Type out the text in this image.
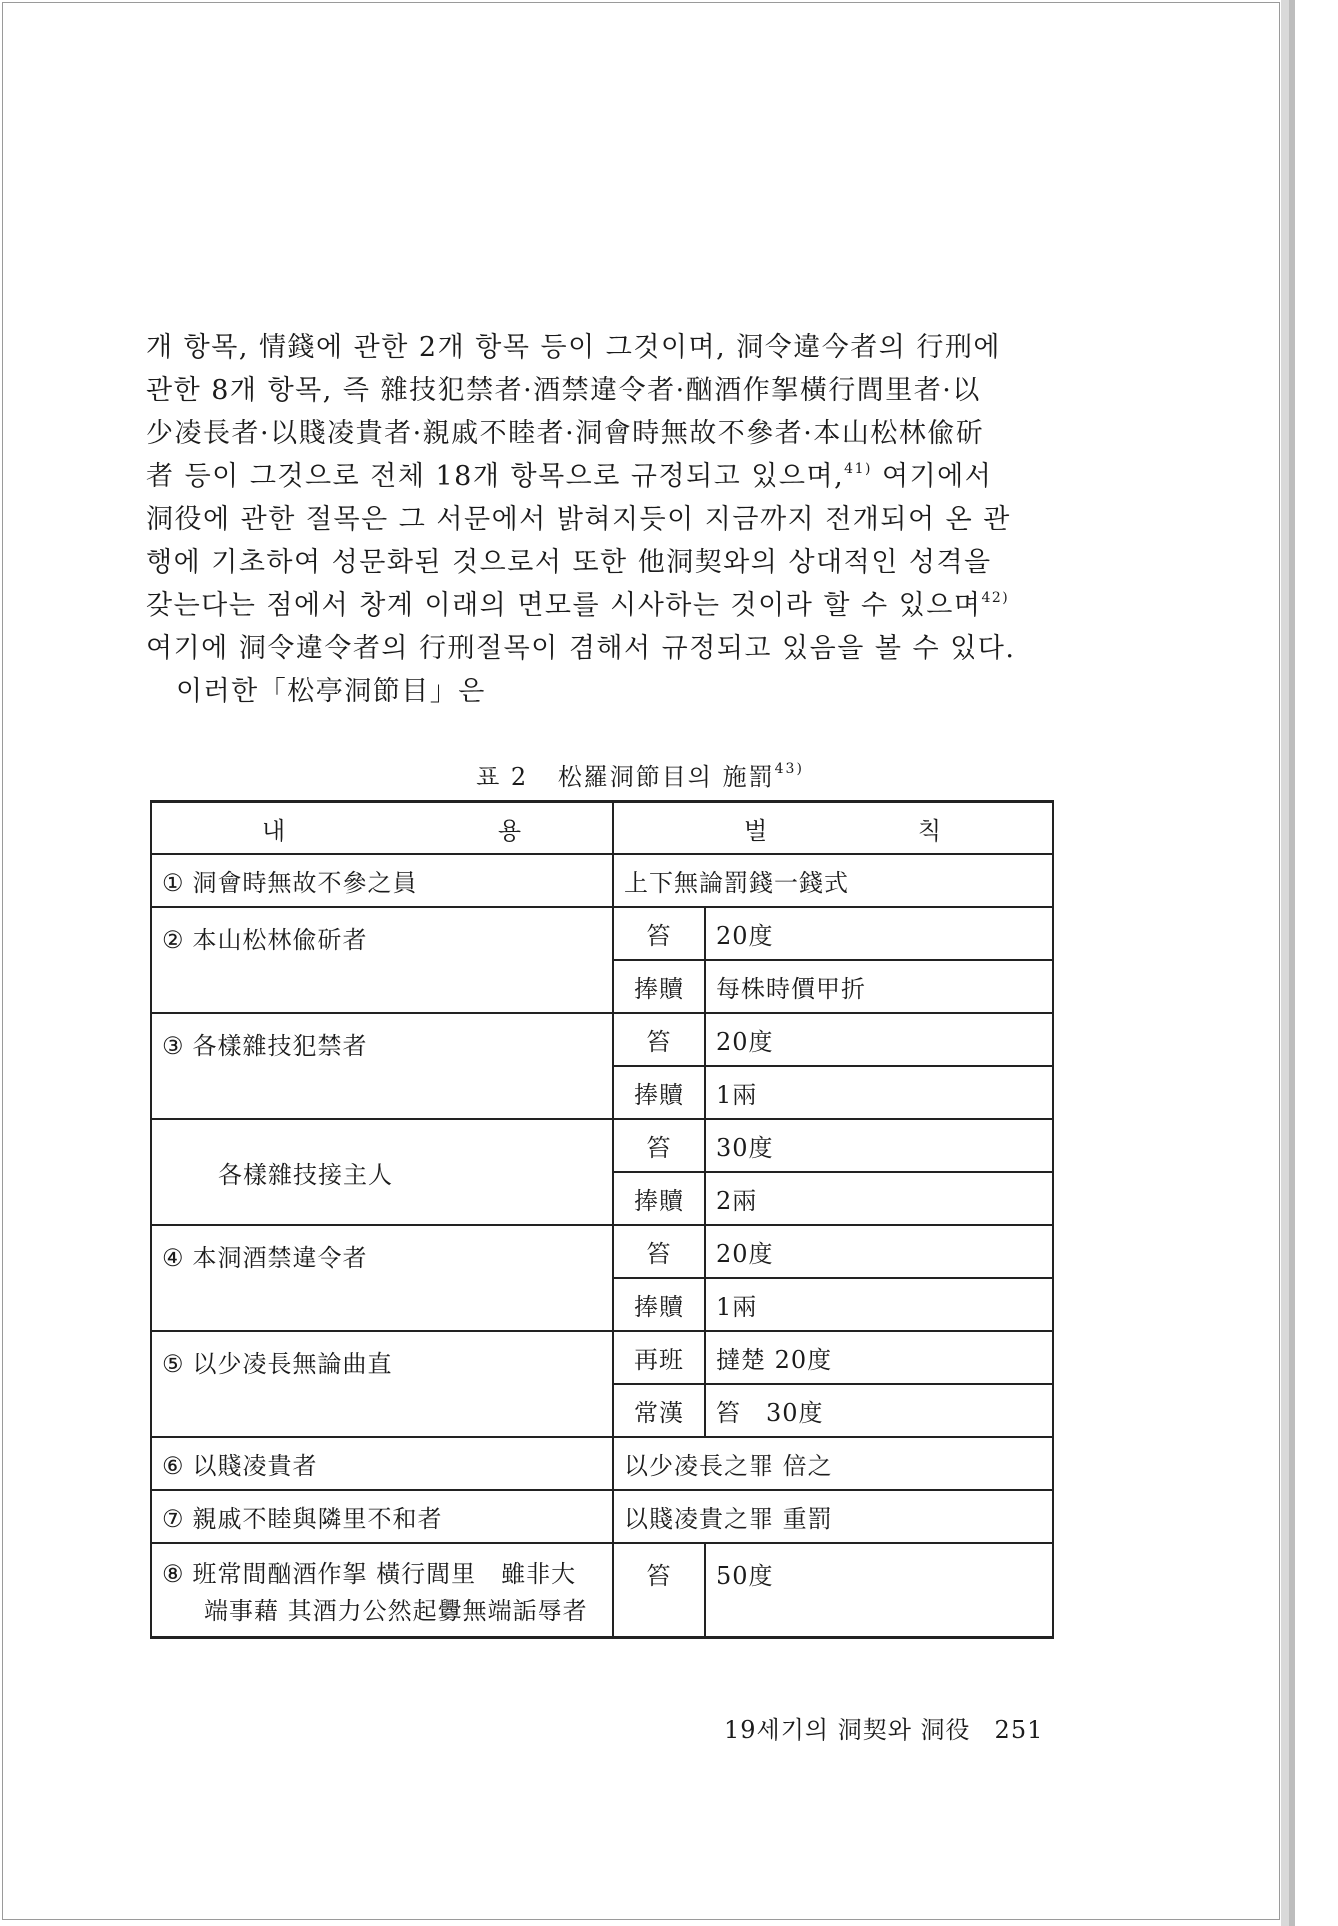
개 항목, 情錢에 관한 2개 항목 등이 그것이며, 洞令違今者의 行刑에
관한 8개 항목, 즉 雜技犯禁者·酒禁違令者·酗酒作挐橫行閭里者·以
少凌長者·以賤凌貴者·親戚不睦者·洞會時無故不參者·本山松林偸斫
者 등이 그것으로 전체 18개 항목으로 규정되고 있으며,$^{41)}$ 여기에서
洞役에 관한 절목은 그 서문에서 밝혀지듯이 지금까지 전개되어 온 관
행에 기초하여 성문화된 것으로서 또한 他洞契와의 상대적인 성격을
갖는다는 점에서 창계 이래의 면모를 시사하는 것이라 할 수 있으며$^{42)}$
여기에 洞令違令者의 行刑절목이 겸해서 규정되고 있음을 볼 수 있다.
이러한「松亭洞節目」은
표 2 松羅洞節目의 施罰$^{43)}$
내 용	벌 칙	

① 洞會時無故不參之員	上下無論罰錢一錢式	
② 本山松林偸斫者	笞	20度
	捧贖	每株時價甲折
③ 各樣雜技犯禁者	笞	20度
	捧贖	1兩
各樣雜技接主人	笞	30度
	捧贖	2兩
④ 本洞酒禁違令者	笞	20度
	捧贖	1兩
⑤ 以少凌長無論曲直	再班	撻楚 20度
	常漢	笞　30度
⑥ 以賤凌貴者	以少凌長之罪 倍之	
⑦ 親戚不睦與隣里不和者	以賤凌貴之罪 重罰	

⑧ 班常間酗酒作挐 橫行閭里　雖非大
端事藉 其酒力公然起釁無端詬辱者	笞	50度
19세기의 洞契와 洞役 251
